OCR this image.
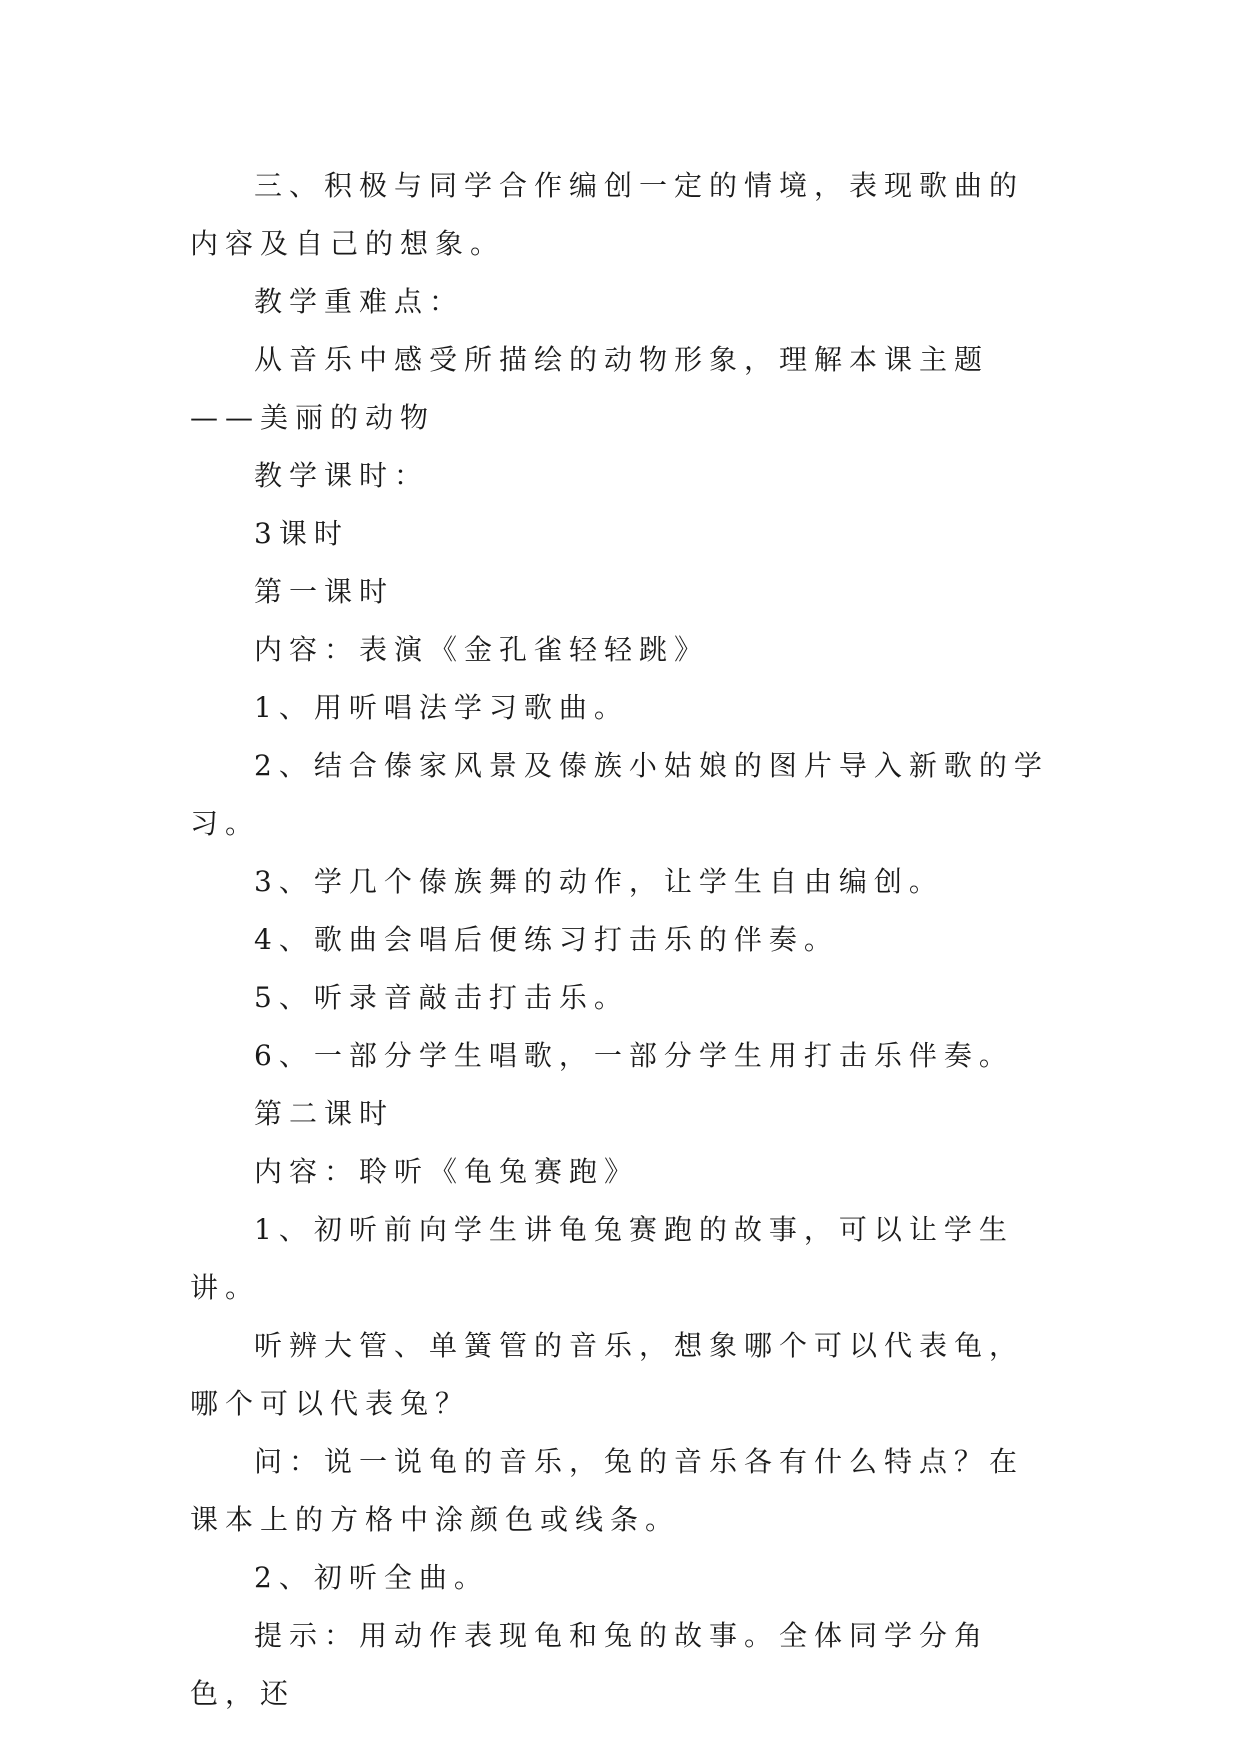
三、积极与同学合作编创一定的情境，表现歌曲的内容及自己的想象。

教学重难点：

从音乐中感受所描绘的动物形象，理解本课主题——美丽的动物

教学课时：

3课时

第一课时

内容：表演《金孔雀轻轻跳》

1、用听唱法学习歌曲。

2、结合傣家风景及傣族小姑娘的图片导入新歌的学习。

3、学几个傣族舞的动作，让学生自由编创。

4、歌曲会唱后便练习打击乐的伴奏。

5、听录音敲击打击乐。

6、一部分学生唱歌，一部分学生用打击乐伴奏。

第二课时

内容：聆听《龟兔赛跑》

1、初听前向学生讲龟兔赛跑的故事，可以让学生讲。

听辨大管、单簧管的音乐，想象哪个可以代表龟，哪个可以代表兔？

问：说一说龟的音乐，兔的音乐各有什么特点？在课本上的方格中涂颜色或线条。

2、初听全曲。

提示：用动作表现龟和兔的故事。全体同学分角色，还
